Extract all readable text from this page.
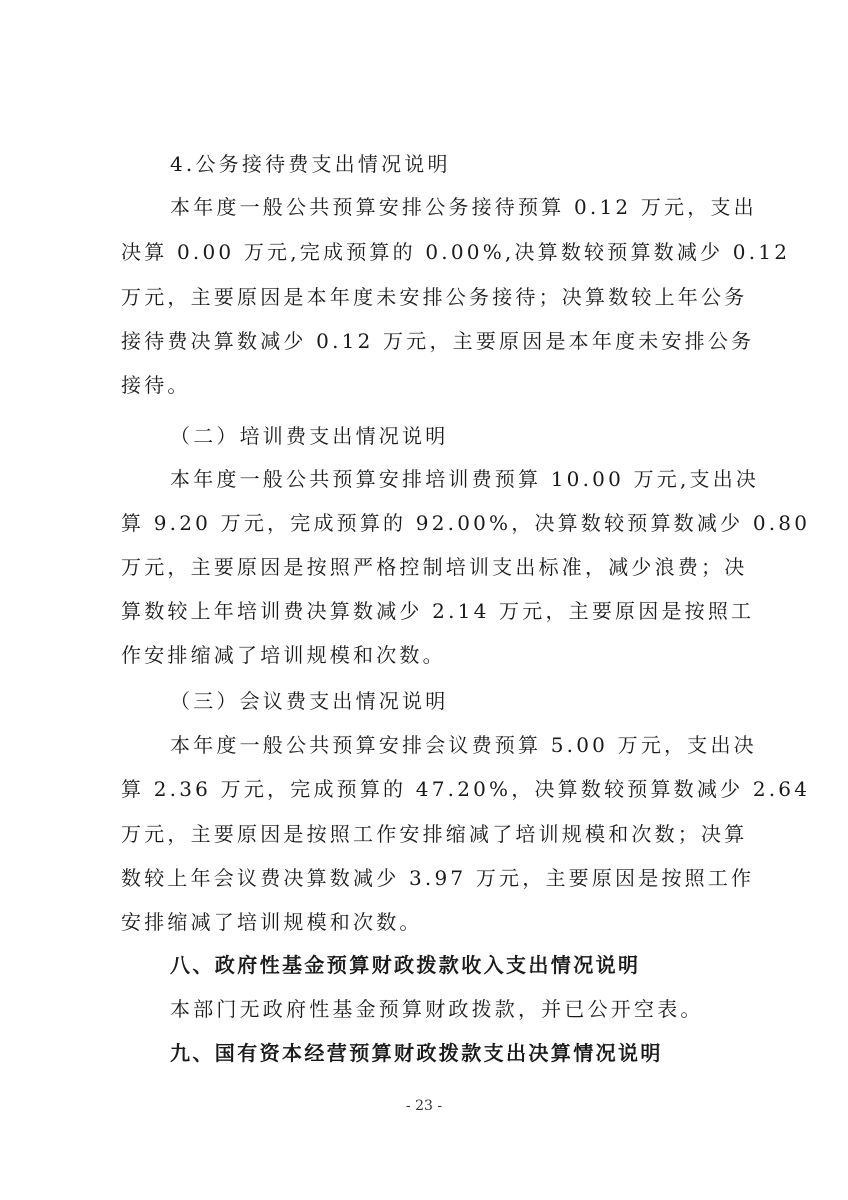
4.公务接待费支出情况说明
本年度一般公共预算安排公务接待预算 0.12 万元，支出
决算 0.00 万元,完成预算的 0.00%,决算数较预算数减少 0.12
万元，主要原因是本年度未安排公务接待；决算数较上年公务
接待费决算数减少 0.12 万元，主要原因是本年度未安排公务
接待。
（二）培训费支出情况说明
本年度一般公共预算安排培训费预算 10.00 万元,支出决
算 9.20 万元，完成预算的 92.00%，决算数较预算数减少 0.80
万元，主要原因是按照严格控制培训支出标准，减少浪费；决
算数较上年培训费决算数减少 2.14 万元，主要原因是按照工
作安排缩减了培训规模和次数。
（三）会议费支出情况说明
本年度一般公共预算安排会议费预算 5.00 万元，支出决
算 2.36 万元，完成预算的 47.20%，决算数较预算数减少 2.64
万元，主要原因是按照工作安排缩减了培训规模和次数；决算
数较上年会议费决算数减少 3.97 万元，主要原因是按照工作
安排缩减了培训规模和次数。
八、政府性基金预算财政拨款收入支出情况说明
本部门无政府性基金预算财政拨款，并已公开空表。
九、国有资本经营预算财政拨款支出决算情况说明
- 23 -
